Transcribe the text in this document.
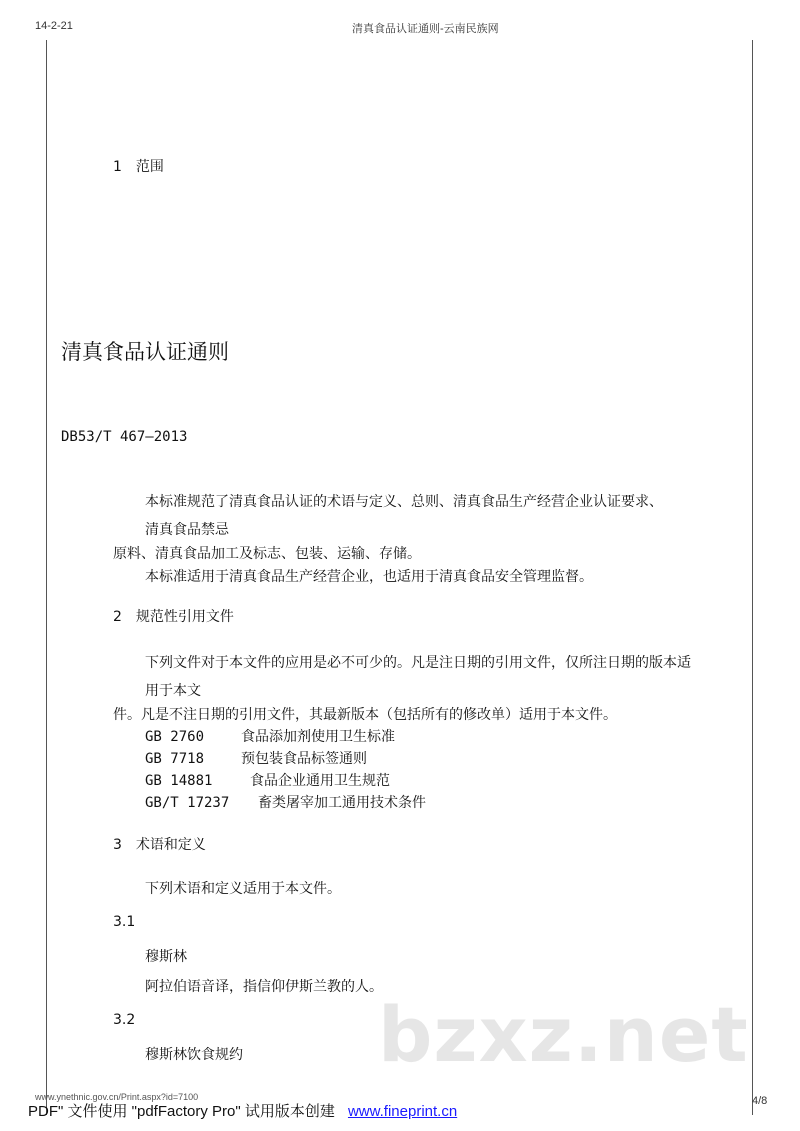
14-2-21	清真食品认证通则-云南民族网
1　范围
清真食品认证通则
DB53/T 467—2013
本标准规范了清真食品认证的术语与定义、总则、清真食品生产经营企业认证要求、
清真食品禁忌
原料、清真食品加工及标志、包装、运输、存储。
本标准适用于清真食品生产经营企业，也适用于清真食品安全管理监督。
2　规范性引用文件
下列文件对于本文件的应用是必不可少的。凡是注日期的引用文件，仅所注日期的版本适
用于本文
件。凡是不注日期的引用文件，其最新版本（包括所有的修改单）适用于本文件。
GB 2760	食品添加剂使用卫生标准
GB 7718	预包装食品标签通则
GB 14881	食品企业通用卫生规范
GB/T 17237 畜类屠宰加工通用技术条件
3　术语和定义
下列术语和定义适用于本文件。
3.1
穆斯林
阿拉伯语音译，指信仰伊斯兰教的人。
3.2
穆斯林饮食规约 bzxz.net
www.ynethnic.gov.cn/Print.aspx?id=7100	4/8
PDF" 文件使用 "pdfFactory Pro" 试用版本创建 www.fineprint.cn
